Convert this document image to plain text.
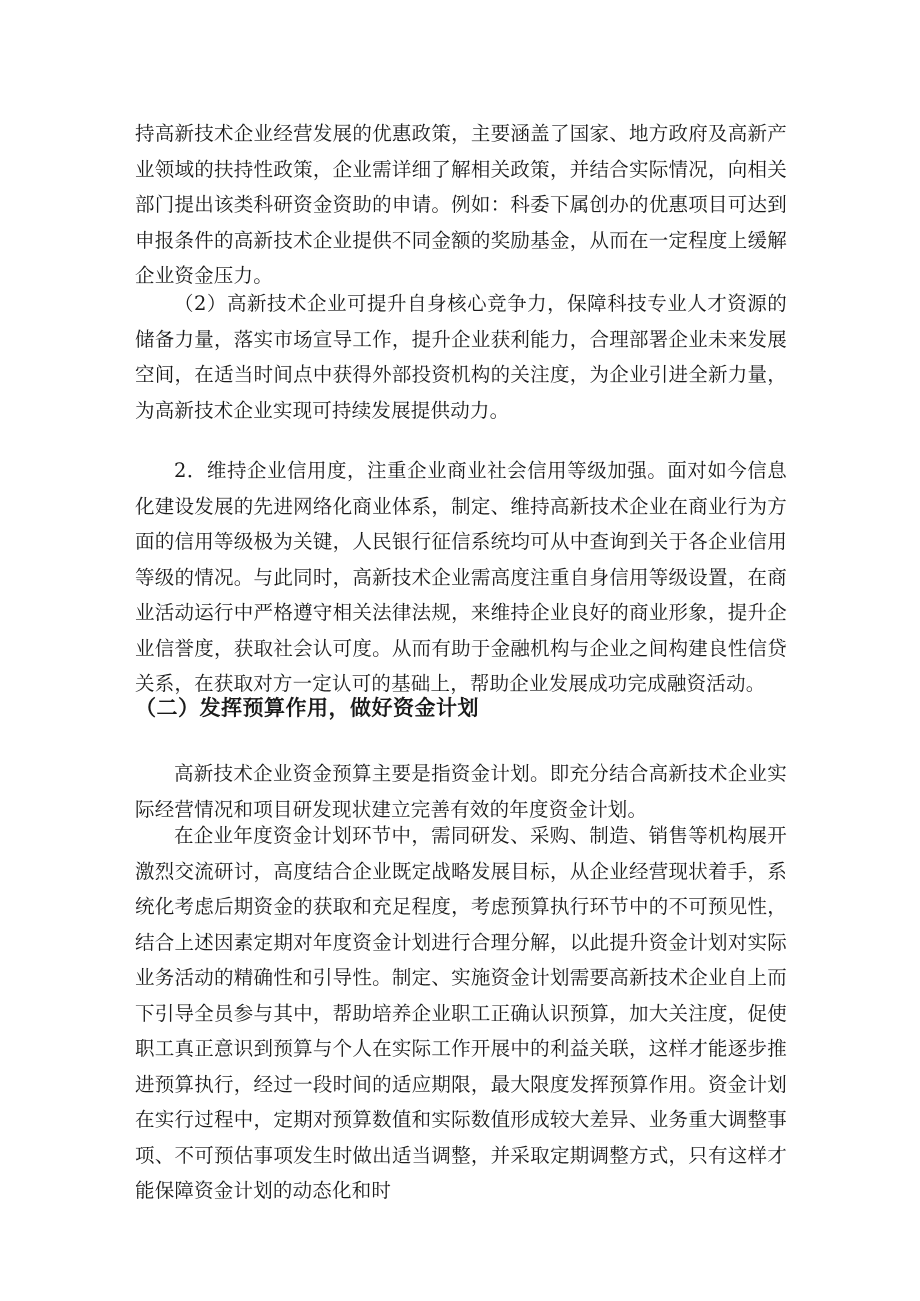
持高新技术企业经营发展的优惠政策，主要涵盖了国家、地方政府及高新产业领域的扶持性政策，企业需详细了解相关政策，并结合实际情况，向相关部门提出该类科研资金资助的申请。例如：科委下属创办的优惠项目可达到申报条件的高新技术企业提供不同金额的奖励基金，从而在一定程度上缓解企业资金压力。

（2）高新技术企业可提升自身核心竞争力，保障科技专业人才资源的储备力量，落实市场宣导工作，提升企业获利能力，合理部署企业未来发展空间，在适当时间点中获得外部投资机构的关注度，为企业引进全新力量，为高新技术企业实现可持续发展提供动力。

2．维持企业信用度，注重企业商业社会信用等级加强。面对如今信息化建设发展的先进网络化商业体系，制定、维持高新技术企业在商业行为方面的信用等级极为关键，人民银行征信系统均可从中查询到关于各企业信用等级的情况。与此同时，高新技术企业需高度注重自身信用等级设置，在商业活动运行中严格遵守相关法律法规，来维持企业良好的商业形象，提升企业信誉度，获取社会认可度。从而有助于金融机构与企业之间构建良性信贷关系，在获取对方一定认可的基础上，帮助企业发展成功完成融资活动。

（二）发挥预算作用，做好资金计划

高新技术企业资金预算主要是指资金计划。即充分结合高新技术企业实际经营情况和项目研发现状建立完善有效的年度资金计划。

在企业年度资金计划环节中，需同研发、采购、制造、销售等机构展开激烈交流研讨，高度结合企业既定战略发展目标，从企业经营现状着手，系统化考虑后期资金的获取和充足程度，考虑预算执行环节中的不可预见性，结合上述因素定期对年度资金计划进行合理分解，以此提升资金计划对实际业务活动的精确性和引导性。制定、实施资金计划需要高新技术企业自上而下引导全员参与其中，帮助培养企业职工正确认识预算，加大关注度，促使职工真正意识到预算与个人在实际工作开展中的利益关联，这样才能逐步推进预算执行，经过一段时间的适应期限，最大限度发挥预算作用。资金计划在实行过程中，定期对预算数值和实际数值形成较大差异、业务重大调整事项、不可预估事项发生时做出适当调整，并采取定期调整方式，只有这样才能保障资金计划的动态化和时
